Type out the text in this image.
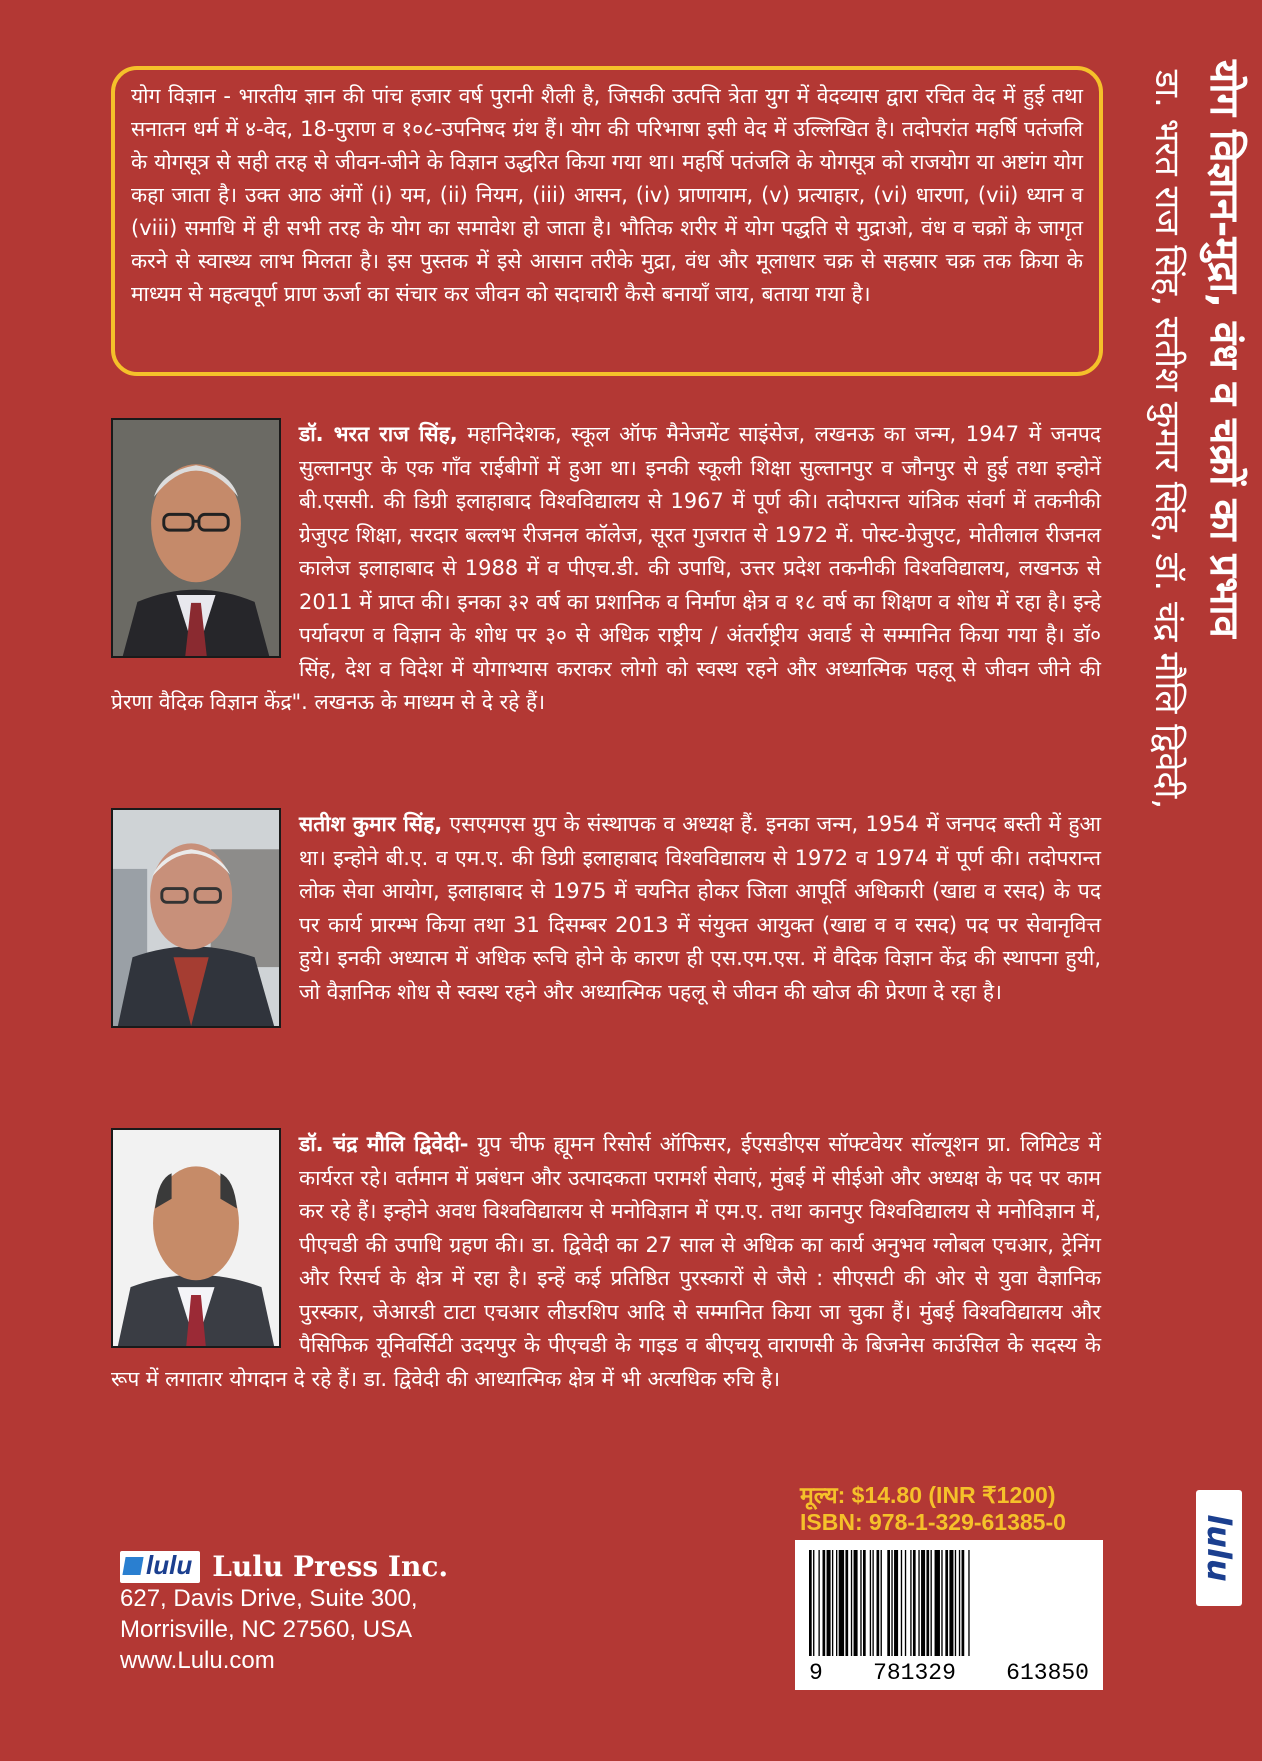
योग विज्ञान - भारतीय ज्ञान की पांच हजार वर्ष पुरानी शैली है, जिसकी उत्पत्ति त्रेता युग में वेदव्यास द्वारा रचित वेद में हुई तथा सनातन धर्म में ४-वेद, 18-पुराण व १०८-उपनिषद ग्रंथ हैं। योग की परिभाषा इसी वेद में उल्लिखित है। तदोपरांत महर्षि पतंजलि के योगसूत्र से सही तरह से जीवन-जीने के विज्ञान उद्धरित किया गया था। महर्षि पतंजलि के योगसूत्र को राजयोग या अष्टांग योग कहा जाता है। उक्त आठ अंगों (i) यम, (ii) नियम, (iii) आसन, (iv) प्राणायाम, (v) प्रत्याहार, (vi) धारणा, (vii) ध्यान व (viii) समाधि में ही सभी तरह के योग का समावेश हो जाता है। भौतिक शरीर में योग पद्धति से मुद्राओ, वंध व चक्रों के जागृत करने से स्वास्थ्य लाभ मिलता है। इस पुस्तक में इसे आसान तरीके मुद्रा, वंध और मूलाधार चक्र से सहस्रार चक्र तक क्रिया के माध्यम से महत्वपूर्ण प्राण ऊर्जा का संचार कर जीवन को सदाचारी कैसे बनायाँ जाय, बताया गया है।
डॉ. भरत राज सिंह, महानिदेशक, स्कूल ऑफ मैनेजमेंट साइंसेज, लखनऊ का जन्म, 1947 में जनपद सुल्तानपुर के एक गाँव राईबीगों में हुआ था। इनकी स्कूली शिक्षा सुल्तानपुर व जौनपुर से हुई तथा इन्होनें बी.एससी. की डिग्री इलाहाबाद विश्वविद्यालय से 1967 में पूर्ण की। तदोपरान्त यांत्रिक संवर्ग में तकनीकी ग्रेजुएट शिक्षा, सरदार बल्लभ रीजनल कॉलेज, सूरत गुजरात से 1972 में. पोस्ट-ग्रेजुएट, मोतीलाल रीजनल कालेज इलाहाबाद से 1988 में व पीएच.डी. की उपाधि, उत्तर प्रदेश तकनीकी विश्वविद्यालय, लखनऊ से 2011 में प्राप्त की। इनका ३२ वर्ष का प्रशानिक व निर्माण क्षेत्र व १८ वर्ष का शिक्षण व शोध में रहा है। इन्हे पर्यावरण व विज्ञान के शोध पर ३० से अधिक राष्ट्रीय / अंतर्राष्ट्रीय अवार्ड से सम्मानित किया गया है। डॉ० सिंह, देश व विदेश में योगाभ्यास कराकर लोगो को स्वस्थ रहने और अध्यात्मिक पहलू से जीवन जीने की प्रेरणा वैदिक विज्ञान केंद्र". लखनऊ के माध्यम से दे रहे हैं।
सतीश कुमार सिंह, एसएमएस ग्रुप के संस्थापक व अध्यक्ष हैं. इनका जन्म, 1954 में जनपद बस्ती में हुआ था। इन्होने बी.ए. व एम.ए. की डिग्री इलाहाबाद विश्वविद्यालय से 1972 व 1974 में पूर्ण की। तदोपरान्त लोक सेवा आयोग, इलाहाबाद से 1975 में चयनित होकर जिला आपूर्ति अधिकारी (खाद्य व रसद) के पद पर कार्य प्रारम्भ किया तथा 31 दिसम्बर 2013 में संयुक्त आयुक्त (खाद्य व व रसद) पद पर सेवानृवित्त हुये। इनकी अध्यात्म में अधिक रूचि होने के कारण ही एस.एम.एस. में वैदिक विज्ञान केंद्र की स्थापना हुयी, जो वैज्ञानिक शोध से स्वस्थ रहने और अध्यात्मिक पहलू से जीवन की खोज की प्रेरणा दे रहा है।
डॉ. चंद्र मौलि द्विवेदी- ग्रुप चीफ ह्यूमन रिसोर्स ऑफिसर, ईएसडीएस सॉफ्टवेयर सॉल्यूशन प्रा. लिमिटेड में कार्यरत रहे। वर्तमान में प्रबंधन और उत्पादकता परामर्श सेवाएं, मुंबई में सीईओ और अध्यक्ष के पद पर काम कर रहे हैं। इन्होने अवध विश्वविद्यालय से मनोविज्ञान में एम.ए. तथा कानपुर विश्वविद्यालय से मनोविज्ञान में, पीएचडी की उपाधि ग्रहण की। डा. द्विवेदी का 27 साल से अधिक का कार्य अनुभव ग्लोबल एचआर, ट्रेनिंग और रिसर्च के क्षेत्र में रहा है। इन्हें कई प्रतिष्ठित पुरस्कारों से जैसे : सीएसटी की ओर से युवा वैज्ञानिक पुरस्कार, जेआरडी टाटा एचआर लीडरशिप आदि से सम्मानित किया जा चुका हैं। मुंबई विश्वविद्यालय और पैसिफिक यूनिवर्सिटी उदयपुर के पीएचडी के गाइड व बीएचयू वाराणसी के बिजनेस काउंसिल के सदस्य के रूप में लगातार योगदान दे रहे हैं। डा. द्विवेदी की आध्यात्मिक क्षेत्र में भी अत्यधिक रुचि है।
योग विज्ञान-मुद्रा, वंध व चक्रों का प्रभाव
डा. भरत राज सिंह, सतीश कुमार सिंह, डॉ. चंद्र मौलि द्विवेदी,
lulu
मूल्य: $14.80 (INR ₹1200)
ISBN: 978-1-329-61385-0
9 781329 613850
lulu Lulu Press Inc.
627, Davis Drive, Suite 300,
Morrisville, NC 27560, USA
www.Lulu.com
